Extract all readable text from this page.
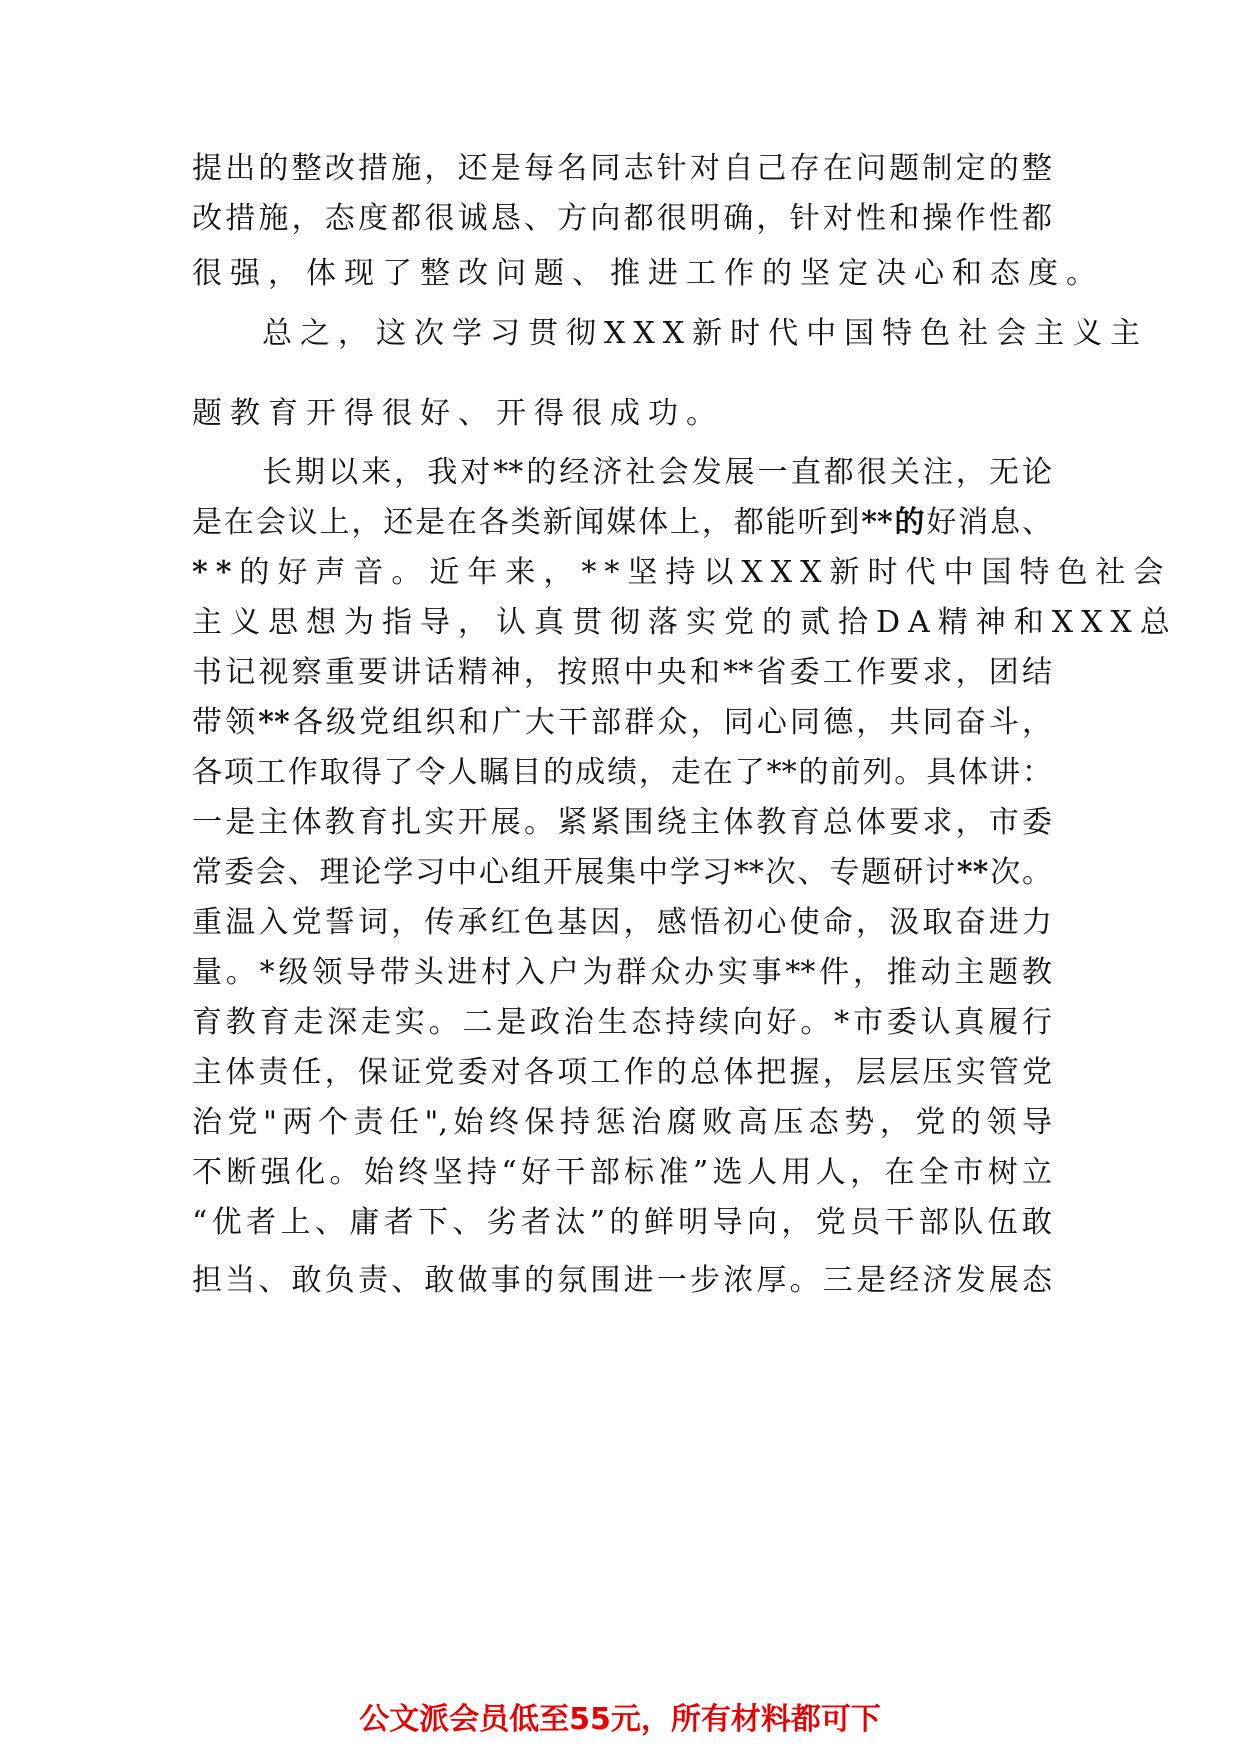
提出的整改措施，还是每名同志针对自己存在问题制定的整
改措施，态度都很诚恳、方向都很明确，针对性和操作性都
很强，体现了整改问题、推进工作的坚定决心和态度。
总之，这次学习贯彻XXX新时代中国特色社会主义主
题教育开得很好、开得很成功。
长期以来，我对**的经济社会发展一直都很关注，无论
是在会议上，还是在各类新闻媒体上，都能听到**的好消息、
**的好声音。近年来，**坚持以XXX新时代中国特色社会
主义思想为指导，认真贯彻落实党的贰拾DA精神和XXX总
书记视察重要讲话精神，按照中央和**省委工作要求，团结
带领**各级党组织和广大干部群众，同心同德，共同奋斗，
各项工作取得了令人瞩目的成绩，走在了**的前列。具体讲：
一是主体教育扎实开展。紧紧围绕主体教育总体要求，市委
常委会、理论学习中心组开展集中学习**次、专题研讨**次。
重温入党誓词，传承红色基因，感悟初心使命，汲取奋进力
量。*级领导带头进村入户为群众办实事**件，推动主题教
育教育走深走实。二是政治生态持续向好。*市委认真履行
主体责任，保证党委对各项工作的总体把握，层层压实管党
治党"两个责任",始终保持惩治腐败高压态势，党的领导
不断强化。始终坚持“好干部标准”选人用人，在全市树立
“优者上、庸者下、劣者汰”的鲜明导向，党员干部队伍敢
担当、敢负责、敢做事的氛围进一步浓厚。三是经济发展态
公文派会员低至55元，所有材料都可下
